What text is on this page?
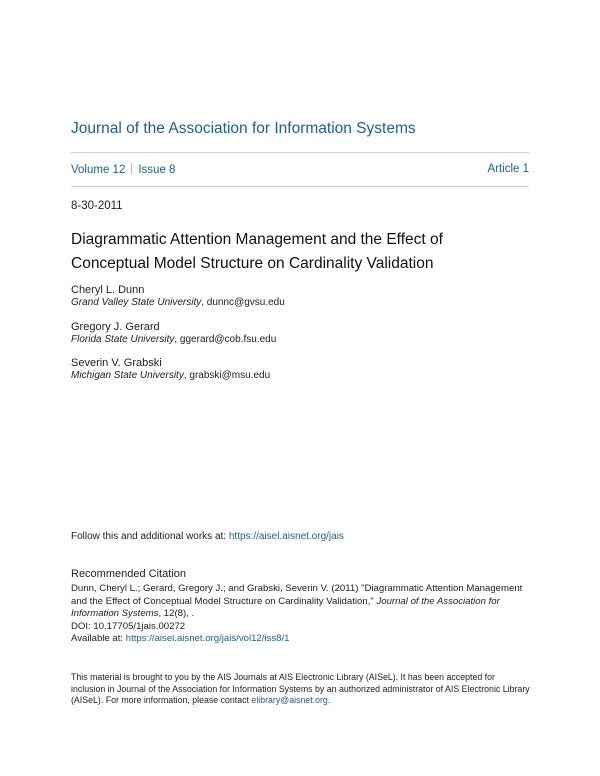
Journal of the Association for Information Systems
Volume 12 Issue 8	Article 1
8-30-2011
Diagrammatic Attention Management and the Effect of Conceptual Model Structure on Cardinality Validation
Cheryl L. Dunn
Grand Valley State University, dunnc@gvsu.edu
Gregory J. Gerard
Florida State University, ggerard@cob.fsu.edu
Severin V. Grabski
Michigan State University, grabski@msu.edu
Follow this and additional works at: https://aisel.aisnet.org/jais
Recommended Citation
Dunn, Cheryl L.; Gerard, Gregory J.; and Grabski, Severin V. (2011) "Diagrammatic Attention Management and the Effect of Conceptual Model Structure on Cardinality Validation," Journal of the Association for Information Systems, 12(8), .
DOI: 10.17705/1jais.00272
Available at: https://aisel.aisnet.org/jais/vol12/iss8/1
This material is brought to you by the AIS Journals at AIS Electronic Library (AISeL). It has been accepted for inclusion in Journal of the Association for Information Systems by an authorized administrator of AIS Electronic Library (AISeL). For more information, please contact elibrary@aisnet.org.
